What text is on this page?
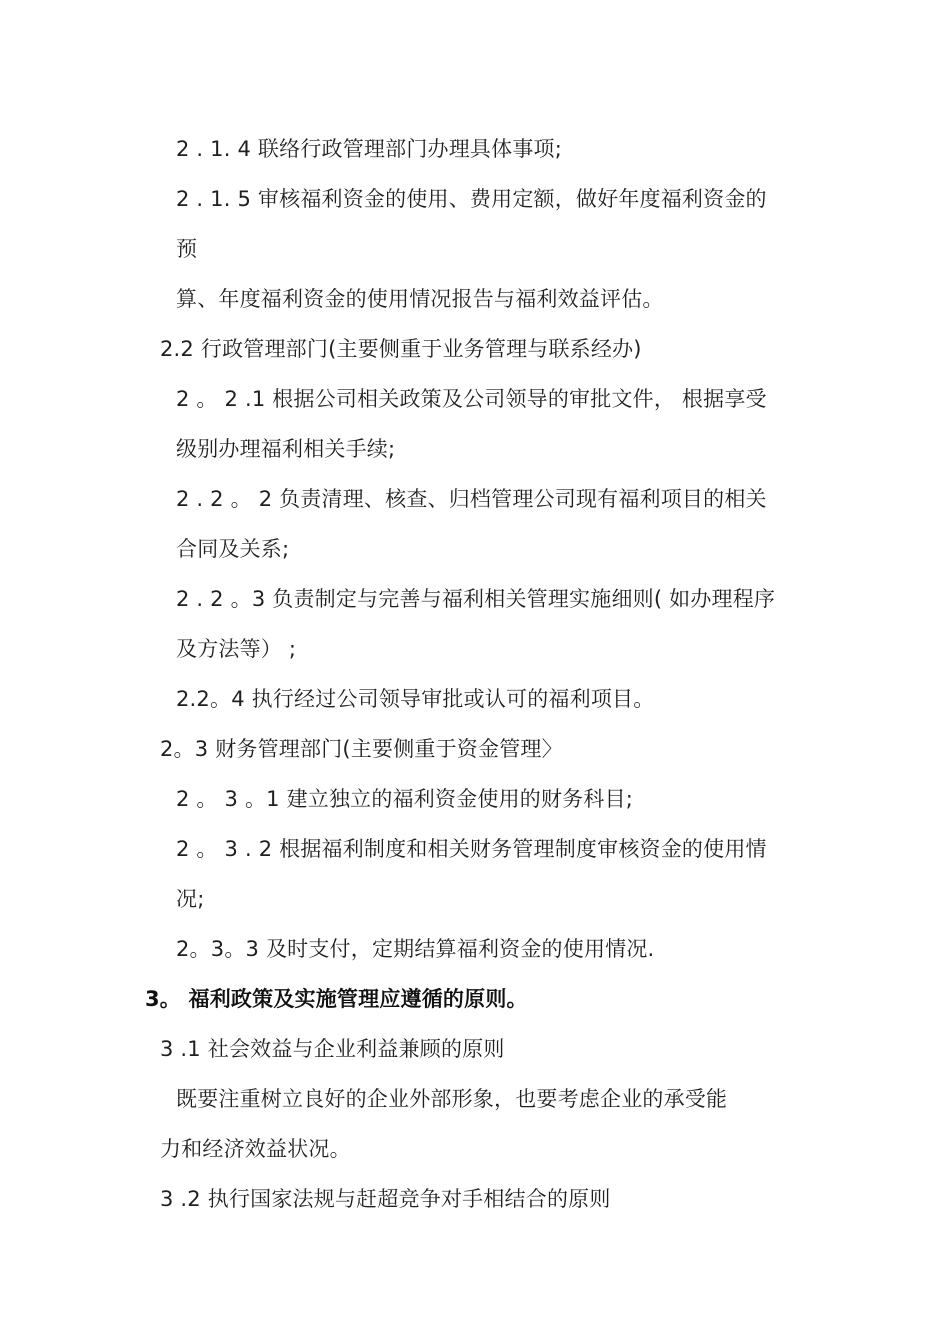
2 . 1. 4 联络行政管理部门办理具体事项;
2 . 1. 5 审核福利资金的使用、费用定额，做好年度福利资金的
预
算、年度福利资金的使用情况报告与福利效益评估。
2.2 行政管理部门(主要侧重于业务管理与联系经办)
2 。 2 .1 根据公司相关政策及公司领导的审批文件， 根据享受
级别办理福利相关手续;
2 . 2 。 2 负责清理、核查、归档管理公司现有福利项目的相关
合同及关系;
2 . 2 。3 负责制定与完善与福利相关管理实施细则( 如办理程序
及方法等） ;
2.2。4 执行经过公司领导审批或认可的福利项目。
2。3 财务管理部门(主要侧重于资金管理〉
2 。 3 。1 建立独立的福利资金使用的财务科目;
2 。 3 . 2 根据福利制度和相关财务管理制度审核资金的使用情
况;
2。3。3 及时支付，定期结算福利资金的使用情况.
3。 福利政策及实施管理应遵循的原则。
3 .1 社会效益与企业利益兼顾的原则
既要注重树立良好的企业外部形象，也要考虑企业的承受能
力和经济效益状况。
3 .2 执行国家法规与赶超竞争对手相结合的原则
